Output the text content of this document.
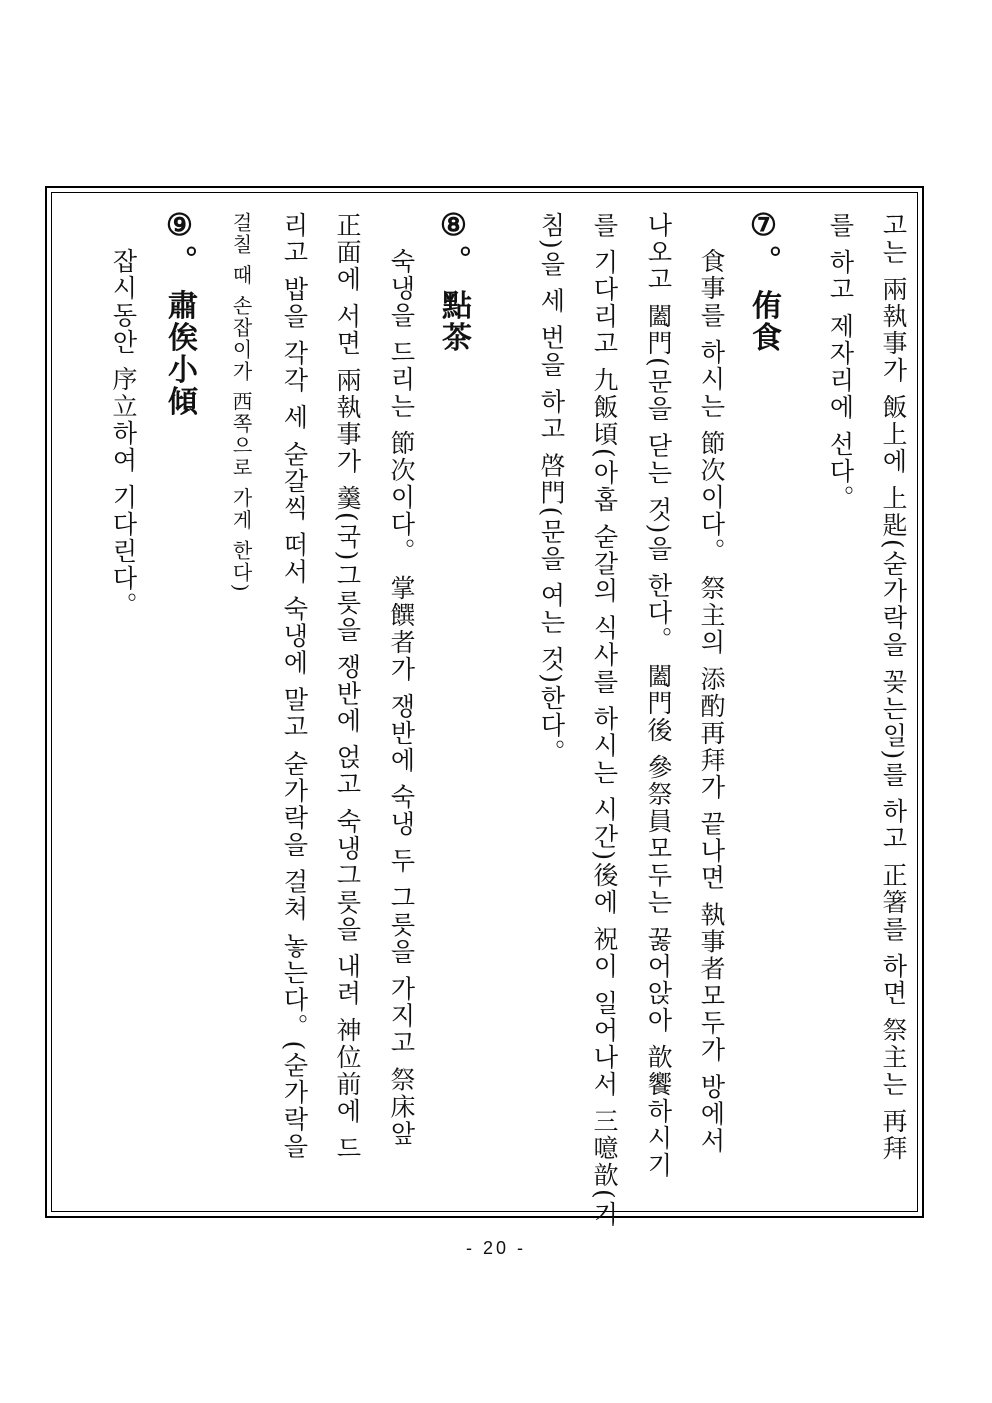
고는 兩執事가 飯上에 上匙(숟가락을 꽂는일)를 하고 正箸를 하면 祭主는 再拜
를 하고 제자리에 선다。
⑦。 侑食
食事를 하시는 節次이다。 祭主의 添酌再拜가 끝나면 執事者모두가 방에서
나오고 闔門(문을 닫는 것)을 한다。 闔門後 參祭員모두는 꿇어앉아 歆饗하시기
를 기다리고 九飯頃(아홉 숟갈의 식사를 하시는 시간)後에 祝이 일어나서 三噫歆(기
침)을 세 번을 하고 啓門(문을 여는 것)한다。
⑧。 點茶
숙냉을 드리는 節次이다。 掌饌者가 쟁반에 숙냉 두 그릇을 가지고 祭床앞
正面에 서면 兩執事가 羹(국)그릇을 쟁반에 얹고 숙냉그릇을 내려 神位前에 드
리고 밥을 각각 세 숟갈씩 떠서 숙냉에 말고 숟가락을 걸쳐 놓는다。(숟가락을
걸칠 때 손잡이가 西쪽으로 가게 한다)
⑨。 肅俟小傾
잡시동안 序立하여 기다린다。
- 20 -
